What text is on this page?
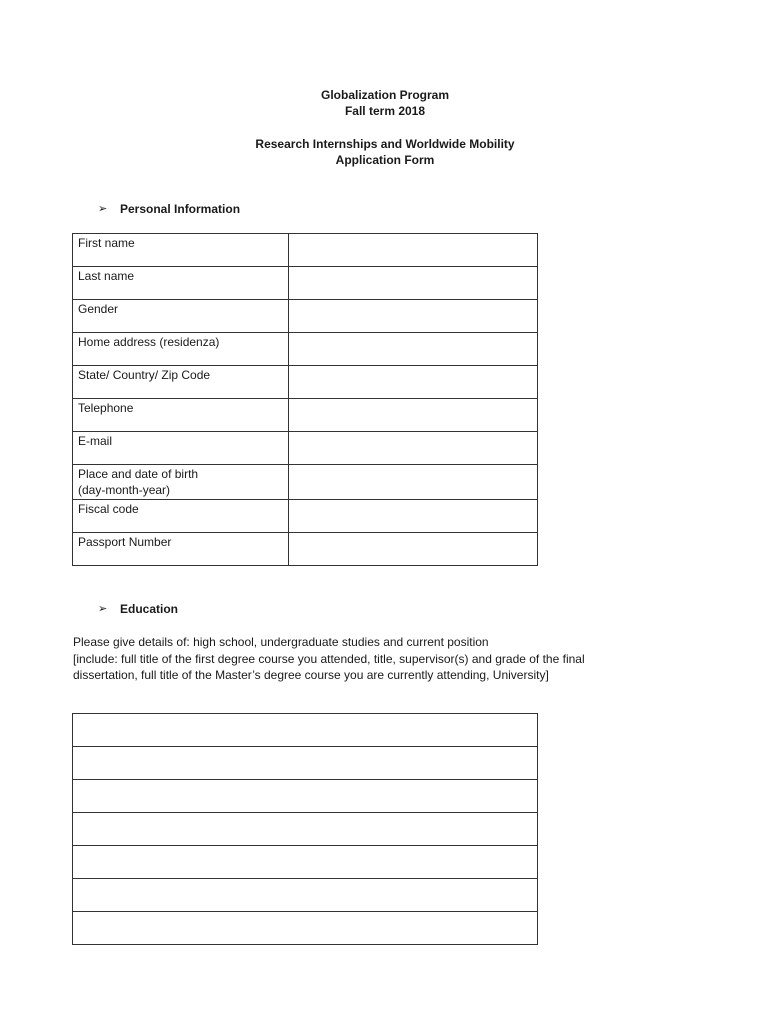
Globalization Program
Fall term 2018
Research Internships and Worldwide Mobility
Application Form
➢	Personal Information
First name	
Last name	
Gender	
Home address (residenza)	
State/ Country/ Zip Code	
Telephone	
E-mail	
Place and date of birth
(day-month-year)	
Fiscal code	
Passport Number	
➢	Education
Please give details of: high school, undergraduate studies and current position
[include: full title of the first degree course you attended, title, supervisor(s) and grade of the final
dissertation, full title of the Master’s degree course you are currently attending, University]
